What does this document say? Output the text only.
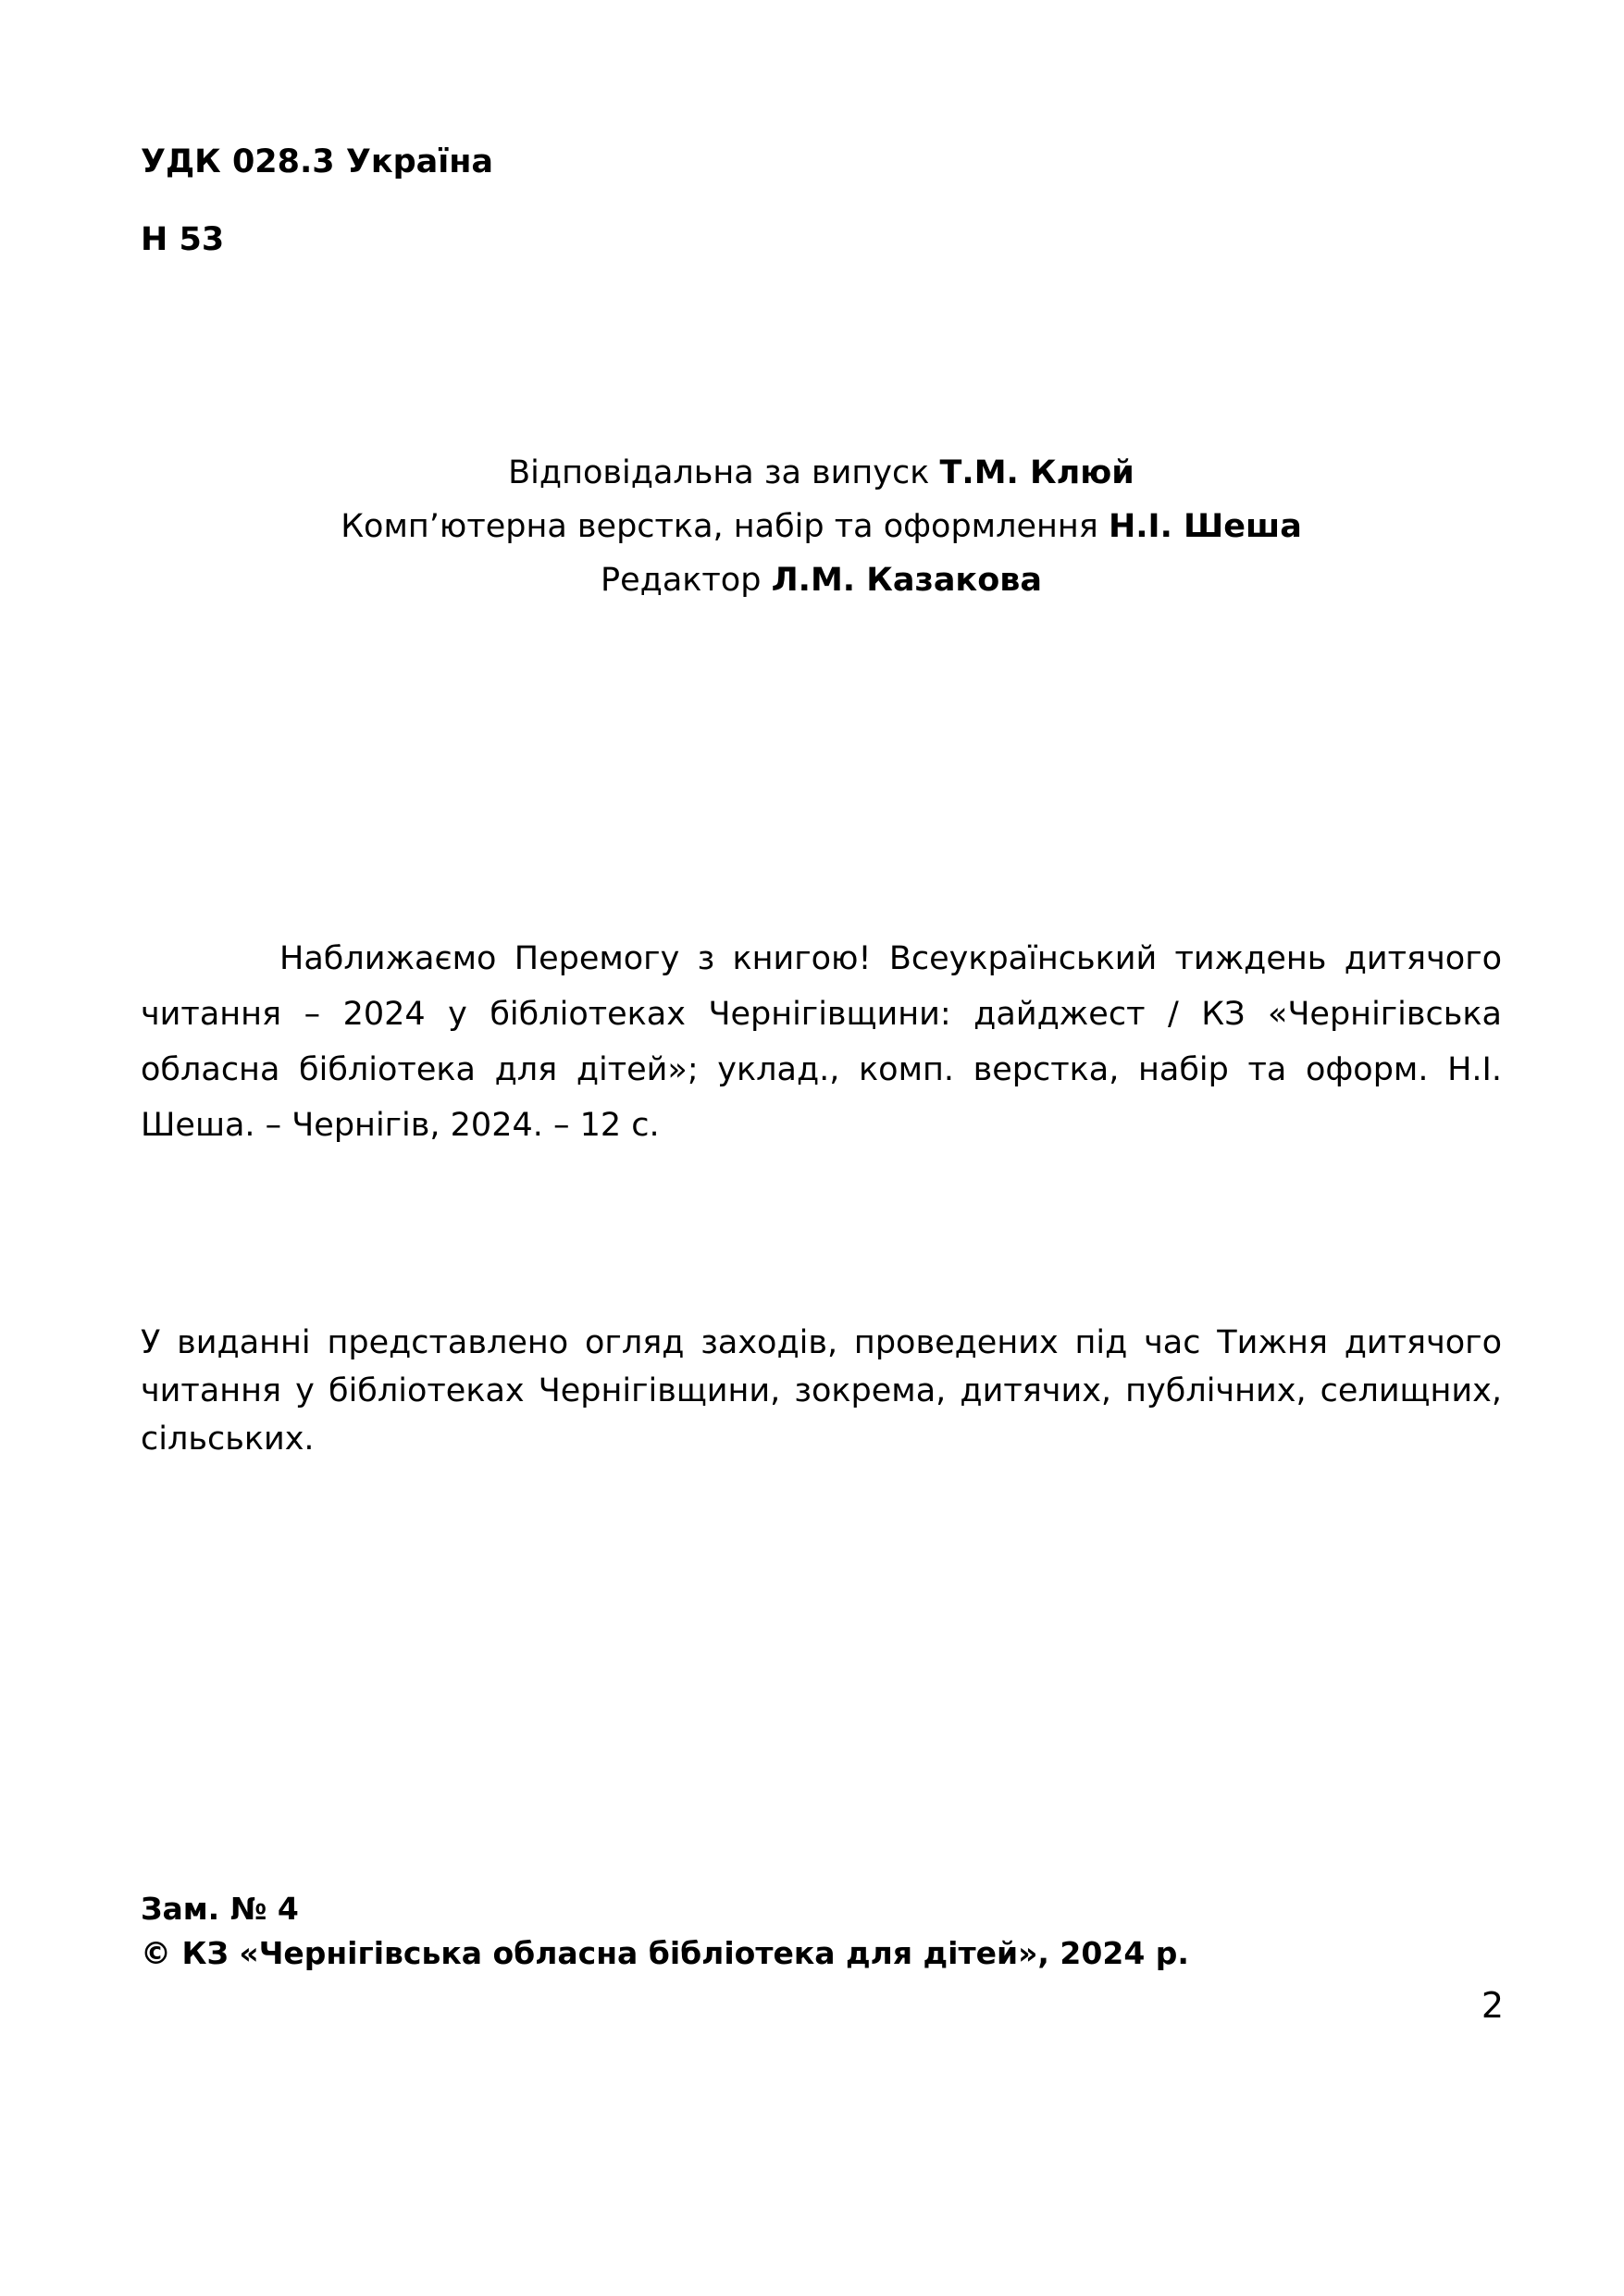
УДК 028.3 Україна
Н 53
Відповідальна за випуск Т.М. Клюй
Комп’ютерна верстка, набір та оформлення Н.І. Шеша
Редактор Л.М. Казакова
Наближаємо Перемогу з книгою! Всеукраїнський тиждень дитячого читання – 2024 у бібліотеках Чернігівщини: дайджест / КЗ «Чернігівська обласна бібліотека для дітей»; уклад., комп. верстка, набір та оформ. Н.І. Шеша. – Чернігів, 2024. – 12 с.
У виданні представлено огляд заходів, проведених під час Тижня дитячого читання у бібліотеках Чернігівщини, зокрема, дитячих, публічних, селищних, сільських.
Зам. № 4
© КЗ «Чернігівська обласна бібліотека для дітей», 2024 р.
2
